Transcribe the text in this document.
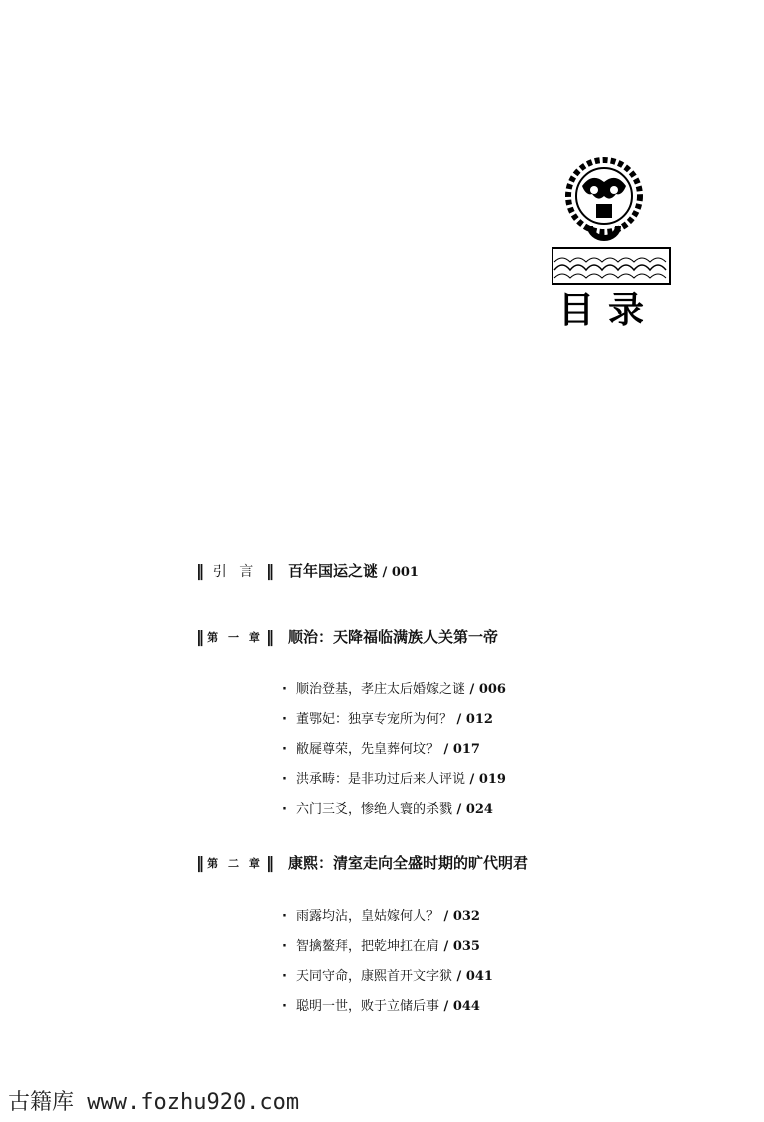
目录
‖ 引 言 ‖ 百年国运之谜 / 001
‖ 第 一 章 ‖ 顺治：天降福临满族人关第一帝
· 顺治登基，孝庄太后婚嫁之谜 / 006
· 董鄂妃：独享专宠所为何？ / 012
· 敝屣尊荣，先皇葬何坟？ / 017
· 洪承畴：是非功过后来人评说 / 019
· 六门三爻，惨绝人寰的杀戮 / 024
‖ 第 二 章 ‖ 康熙：清室走向全盛时期的旷代明君
· 雨露均沾，皇姑嫁何人？ / 032
· 智擒鳌拜，把乾坤扛在肩 / 035
· 天同守命，康熙首开文字狱 / 041
· 聪明一世，败于立储后事 / 044
古籍库 www.fozhu920.com
